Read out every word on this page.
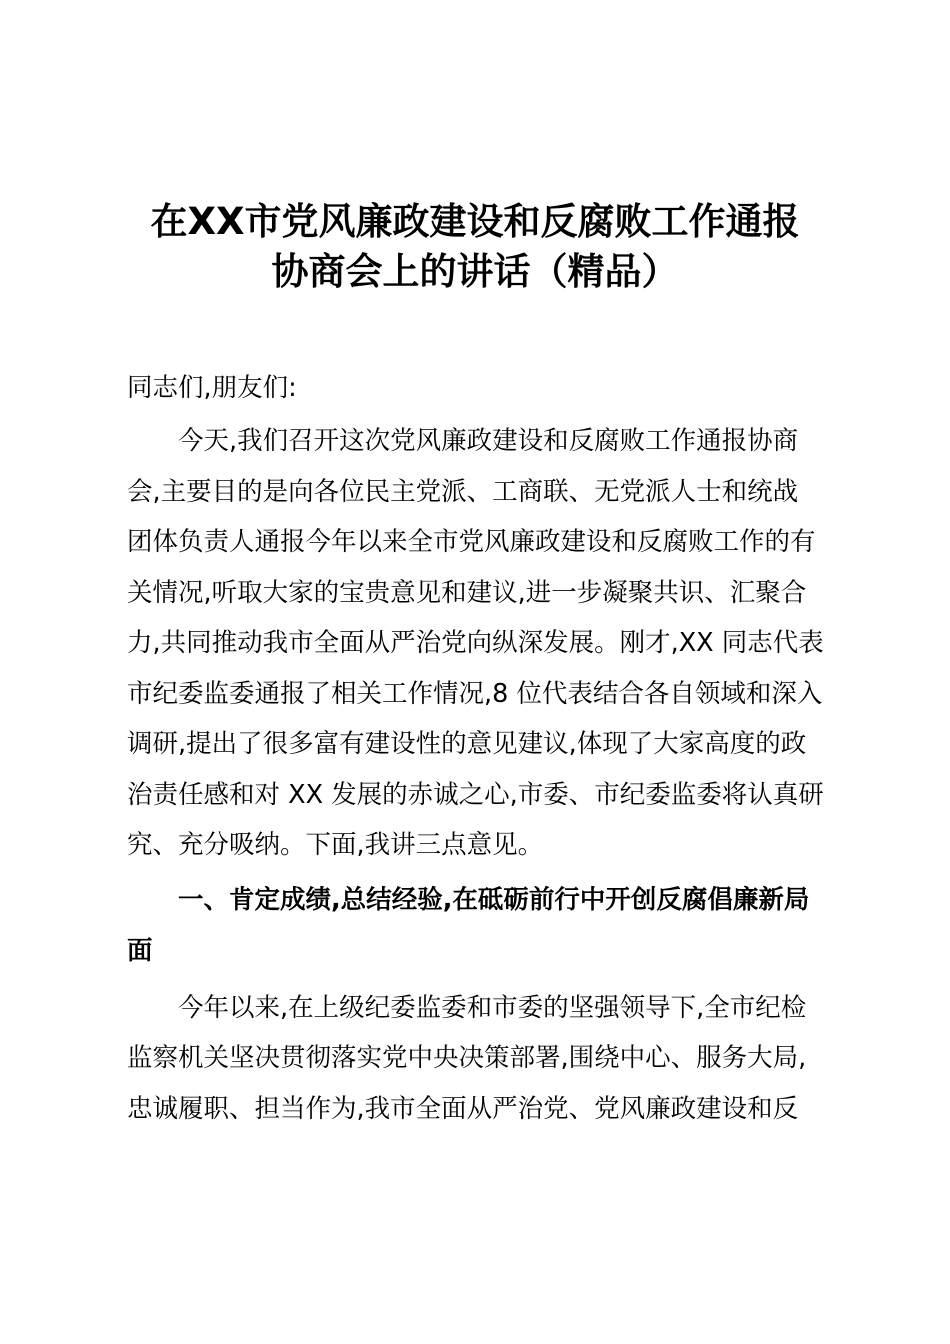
在XX市党风廉政建设和反腐败工作通报
协商会上的讲话（精品）
同志们,朋友们:
今天,我们召开这次党风廉政建设和反腐败工作通报协商
会,主要目的是向各位民主党派、工商联、无党派人士和统战
团体负责人通报今年以来全市党风廉政建设和反腐败工作的有
关情况,听取大家的宝贵意见和建议,进一步凝聚共识、汇聚合
力,共同推动我市全面从严治党向纵深发展。刚才,XX 同志代表
市纪委监委通报了相关工作情况,8 位代表结合各自领域和深入
调研,提出了很多富有建设性的意见建议,体现了大家高度的政
治责任感和对 XX 发展的赤诚之心,市委、市纪委监委将认真研
究、充分吸纳。下面,我讲三点意见。
一、肯定成绩,总结经验,在砥砺前行中开创反腐倡廉新局
面
今年以来,在上级纪委监委和市委的坚强领导下,全市纪检
监察机关坚决贯彻落实党中央决策部署,围绕中心、服务大局,
忠诚履职、担当作为,我市全面从严治党、党风廉政建设和反
